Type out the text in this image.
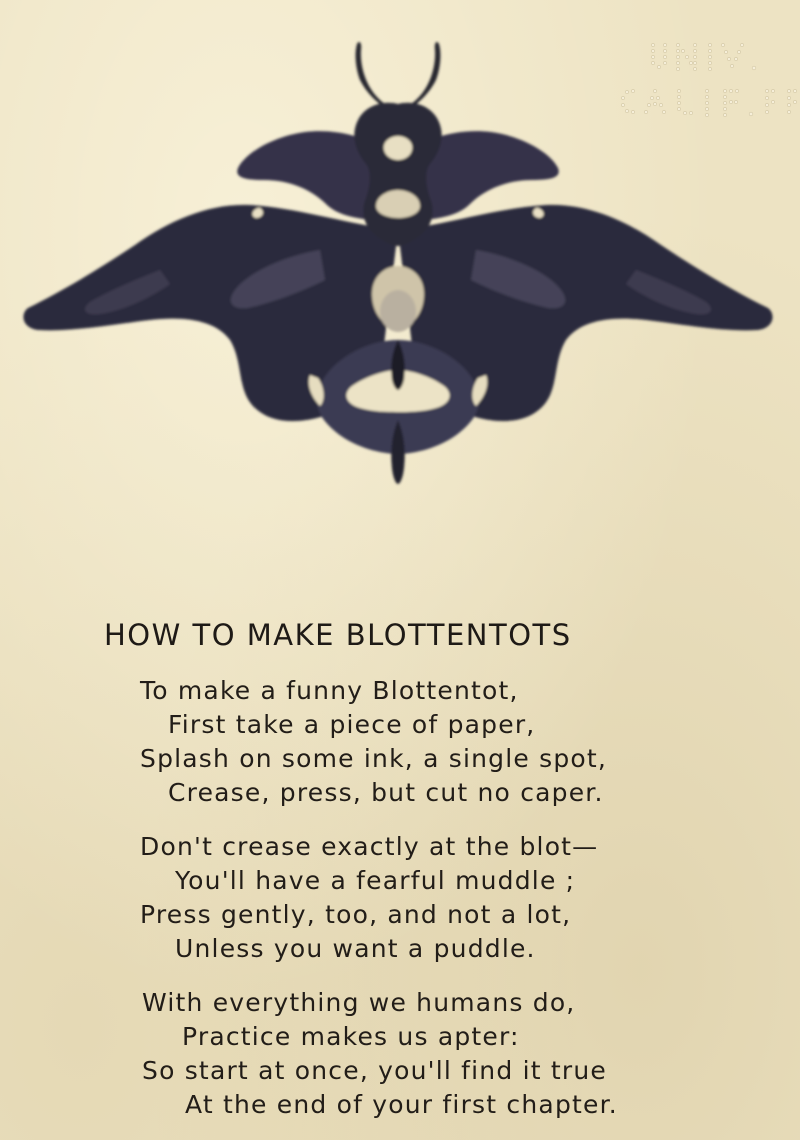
HOW TO MAKE BLOTTENTOTS
To make a funny Blottentot,
First take a piece of paper,
Splash on some ink, a single spot,
Crease, press, but cut no caper.
Don't crease exactly at the blot—
You'll have a fearful muddle ;
Press gently, too, and not a lot,
Unless you want a puddle.
With everything we humans do,
Practice makes us apter:
So start at once, you'll find it true
At the end of your first chapter.
